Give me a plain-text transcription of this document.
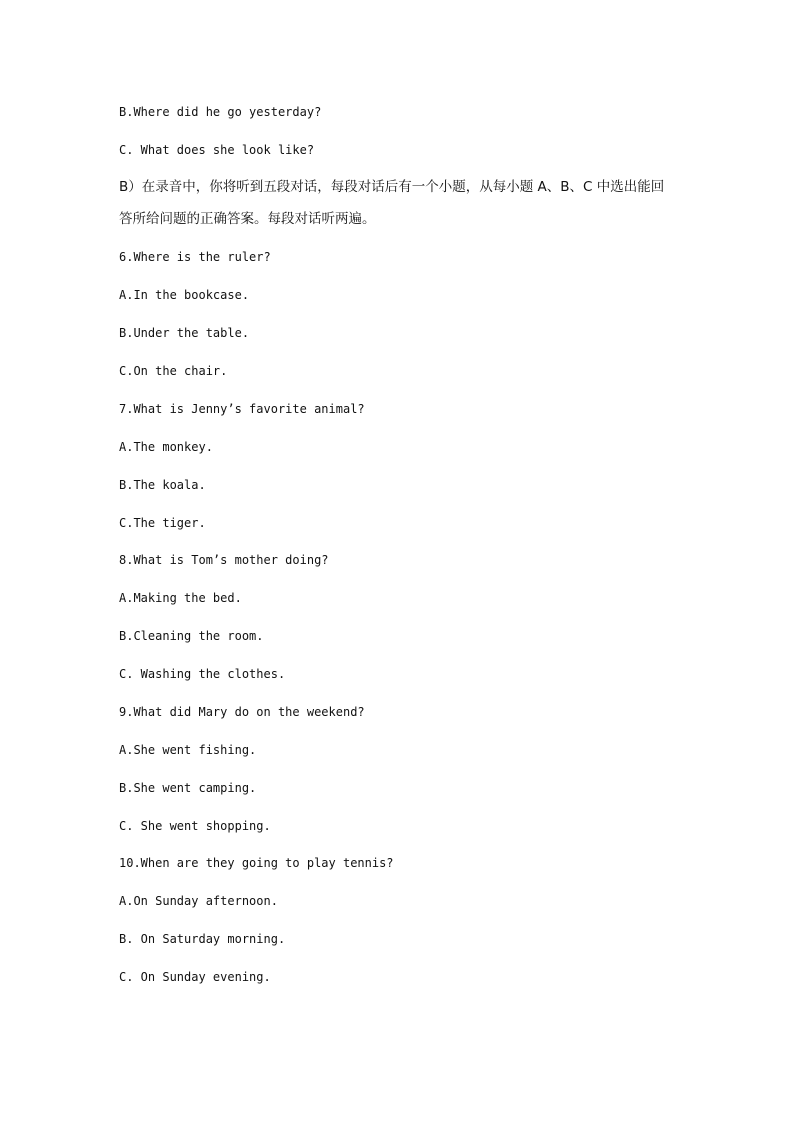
B.Where did he go yesterday?
C. What does she look like?
B）在录音中，你将听到五段对话，每段对话后有一个小题，从每小题 A、B、C 中选出能回
答所给问题的正确答案。每段对话听两遍。
6.Where is the ruler?
A.In the bookcase.
B.Under the table.
C.On the chair.
7.What is Jenny’s favorite animal?
A.The monkey.
B.The koala.
C.The tiger.
8.What is Tom’s mother doing?
A.Making the bed.
B.Cleaning the room.
C. Washing the clothes.
9.What did Mary do on the weekend?
A.She went fishing.
B.She went camping.
C. She went shopping.
10.When are they going to play tennis?
A.On Sunday afternoon.
B. On Saturday morning.
C. On Sunday evening.
